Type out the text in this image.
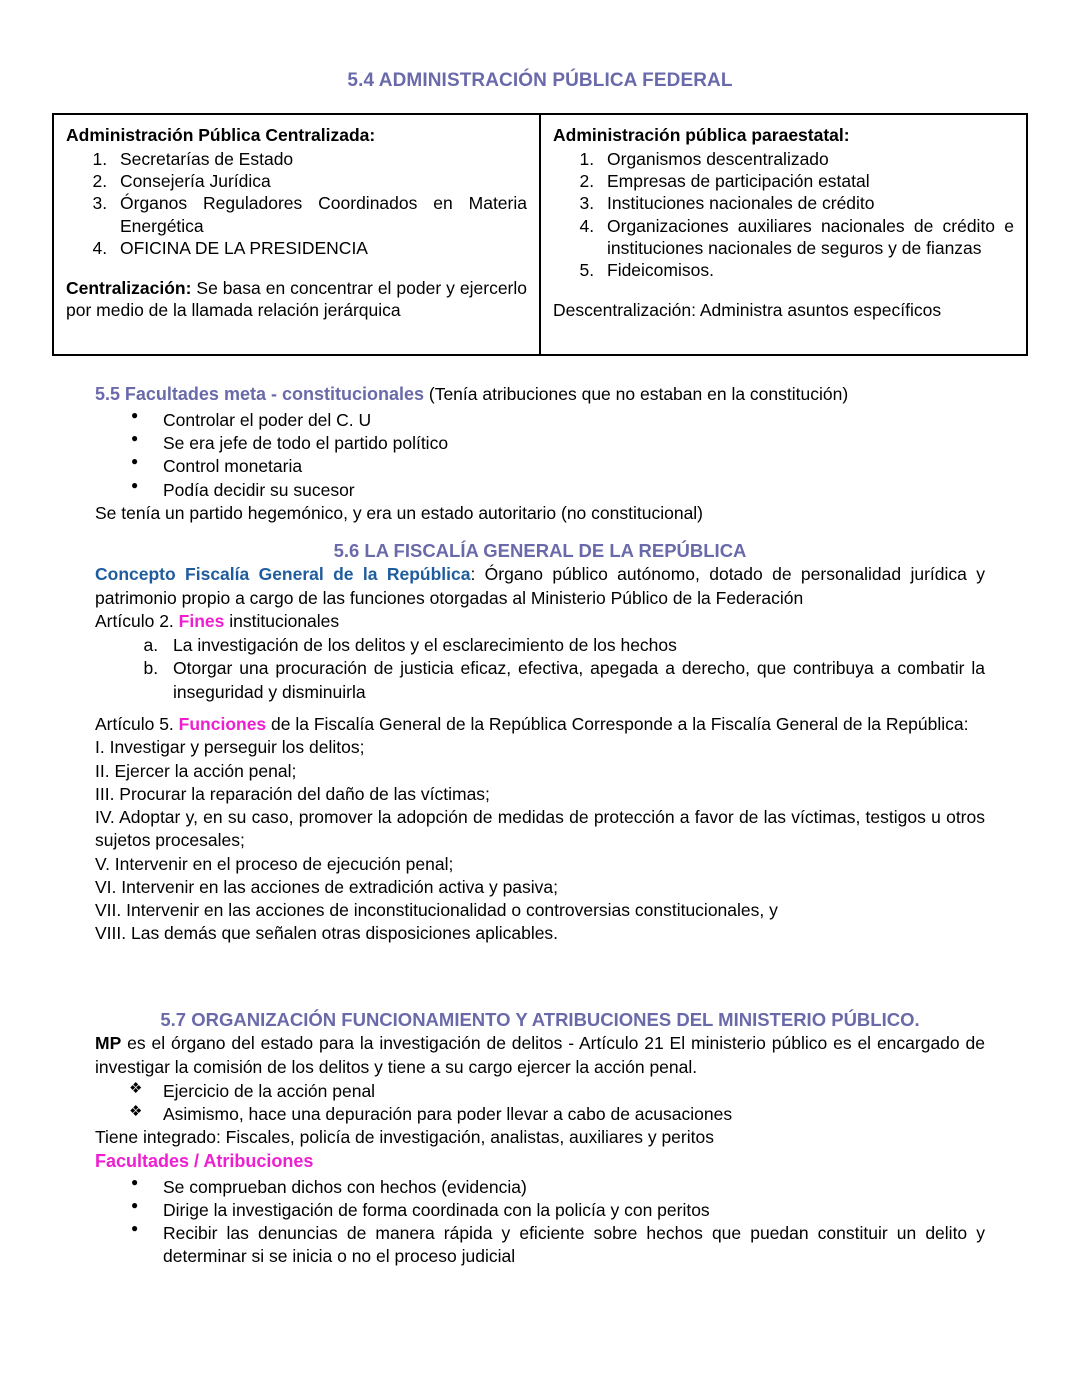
5.4 ADMINISTRACIÓN PÚBLICA FEDERAL
Administración Pública Centralizada:
1. Secretarías de Estado
2. Consejería Jurídica
3. Órganos Reguladores Coordinados en Materia Energética
4. OFICINA DE LA PRESIDENCIA
Centralización: Se basa en concentrar el poder y ejercerlo por medio de la llamada relación jerárquica
Administración pública paraestatal:
1. Organismos descentralizado
2. Empresas de participación estatal
3. Instituciones nacionales de crédito
4. Organizaciones auxiliares nacionales de crédito e instituciones nacionales de seguros y de fianzas
5. Fideicomisos.
Descentralización: Administra asuntos específicos
5.5 Facultades meta - constitucionales (Tenía atribuciones que no estaban en la constitución)
● Controlar el poder del C. U
● Se era jefe de todo el partido político
● Control monetaria
● Podía decidir su sucesor

Se tenía un partido hegemónico, y era un estado autoritario (no constitucional)

5.6 LA FISCALÍA GENERAL DE LA REPÚBLICA

Concepto Fiscalía General de la República: Órgano público autónomo, dotado de personalidad jurídica y patrimonio propio a cargo de las funciones otorgadas al Ministerio Público de la Federación

Artículo 2. Fines institucionales

a. La investigación de los delitos y el esclarecimiento de los hechos
b. Otorgar una procuración de justicia eficaz, efectiva, apegada a derecho, que contribuya a combatir la inseguridad y disminuirla

Artículo 5. Funciones de la Fiscalía General de la República Corresponde a la Fiscalía General de la República:

I. Investigar y perseguir los delitos;

II. Ejercer la acción penal;

III. Procurar la reparación del daño de las víctimas;

IV. Adoptar y, en su caso, promover la adopción de medidas de protección a favor de las víctimas, testigos u otros sujetos procesales;

V. Intervenir en el proceso de ejecución penal;

VI. Intervenir en las acciones de extradición activa y pasiva;

VII. Intervenir en las acciones de inconstitucionalidad o controversias constitucionales, y

VIII. Las demás que señalen otras disposiciones aplicables.

5.7 ORGANIZACIÓN FUNCIONAMIENTO Y ATRIBUCIONES DEL MINISTERIO PÚBLICO.

MP es el órgano del estado para la investigación de delitos - Artículo 21 El ministerio público es el encargado de investigar la comisión de los delitos y tiene a su cargo ejercer la acción penal.

❖ Ejercicio de la acción penal
❖ Asimismo, hace una depuración para poder llevar a cabo de acusaciones

Tiene integrado: Fiscales, policía de investigación, analistas, auxiliares y peritos

Facultades / Atribuciones

● Se comprueban dichos con hechos (evidencia)
● Dirige la investigación de forma coordinada con la policía y con peritos
● Recibir las denuncias de manera rápida y eficiente sobre hechos que puedan constituir un delito y determinar si se inicia o no el proceso judicial
